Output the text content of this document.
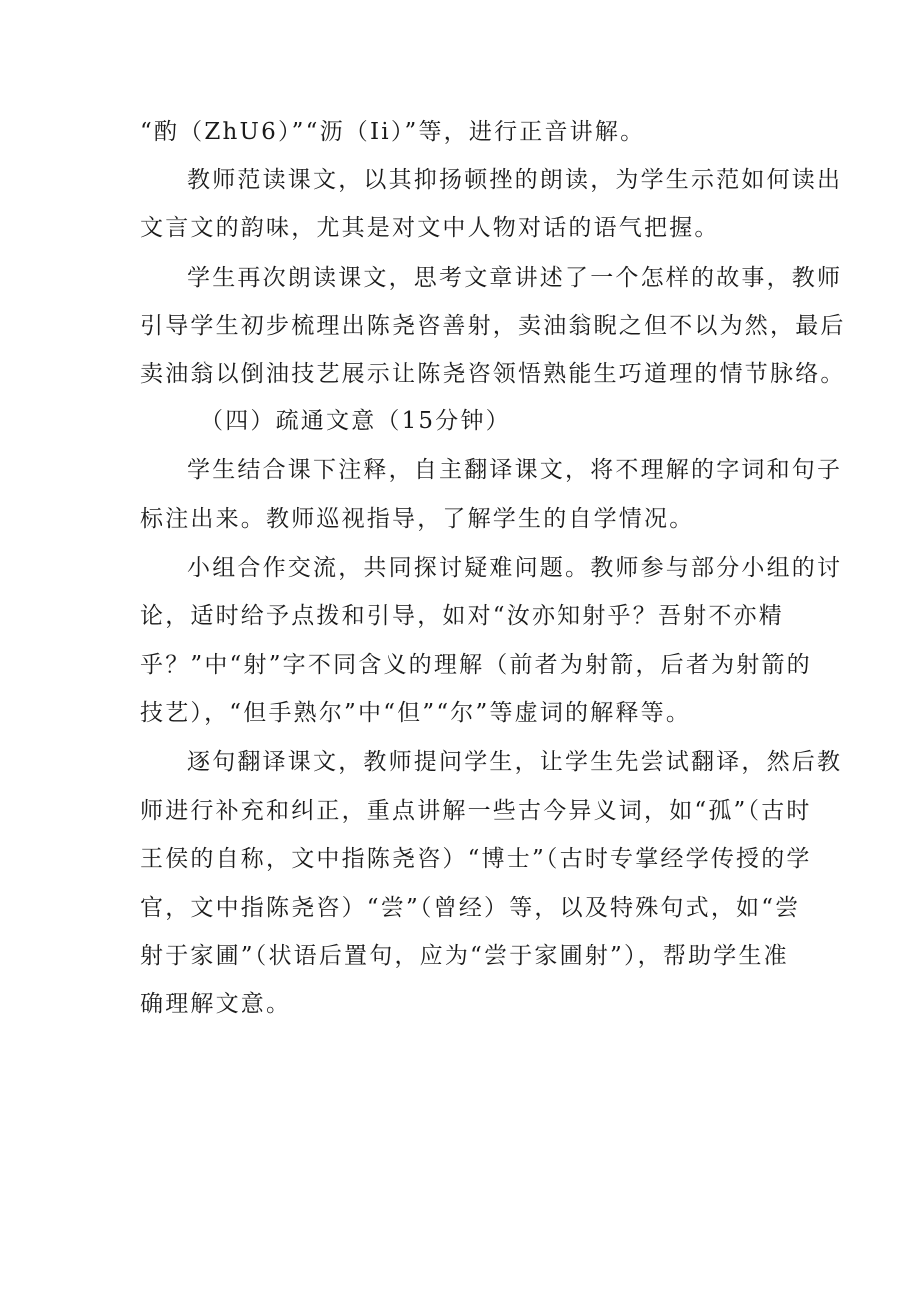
“酌（ZhU6）”“沥（Ii）”等，进行正音讲解。
教师范读课文，以其抑扬顿挫的朗读，为学生示范如何读出
文言文的韵味，尤其是对文中人物对话的语气把握。
学生再次朗读课文，思考文章讲述了一个怎样的故事，教师
引导学生初步梳理出陈尧咨善射，卖油翁睨之但不以为然，最后
卖油翁以倒油技艺展示让陈尧咨领悟熟能生巧道理的情节脉络。
（四）疏通文意（15分钟）
学生结合课下注释，自主翻译课文，将不理解的字词和句子
标注出来。教师巡视指导，了解学生的自学情况。
小组合作交流，共同探讨疑难问题。教师参与部分小组的讨
论，适时给予点拨和引导，如对“汝亦知射乎？吾射不亦精
乎？”中“射”字不同含义的理解（前者为射箭，后者为射箭的
技艺），“但手熟尔”中“但”“尔”等虚词的解释等。
逐句翻译课文，教师提问学生，让学生先尝试翻译，然后教
师进行补充和纠正，重点讲解一些古今异义词，如“孤”（古时
王侯的自称，文中指陈尧咨）“博士”（古时专掌经学传授的学
官，文中指陈尧咨）“尝”（曾经）等，以及特殊句式，如“尝
射于家圃”（状语后置句，应为“尝于家圃射”），帮助学生准
确理解文意。
